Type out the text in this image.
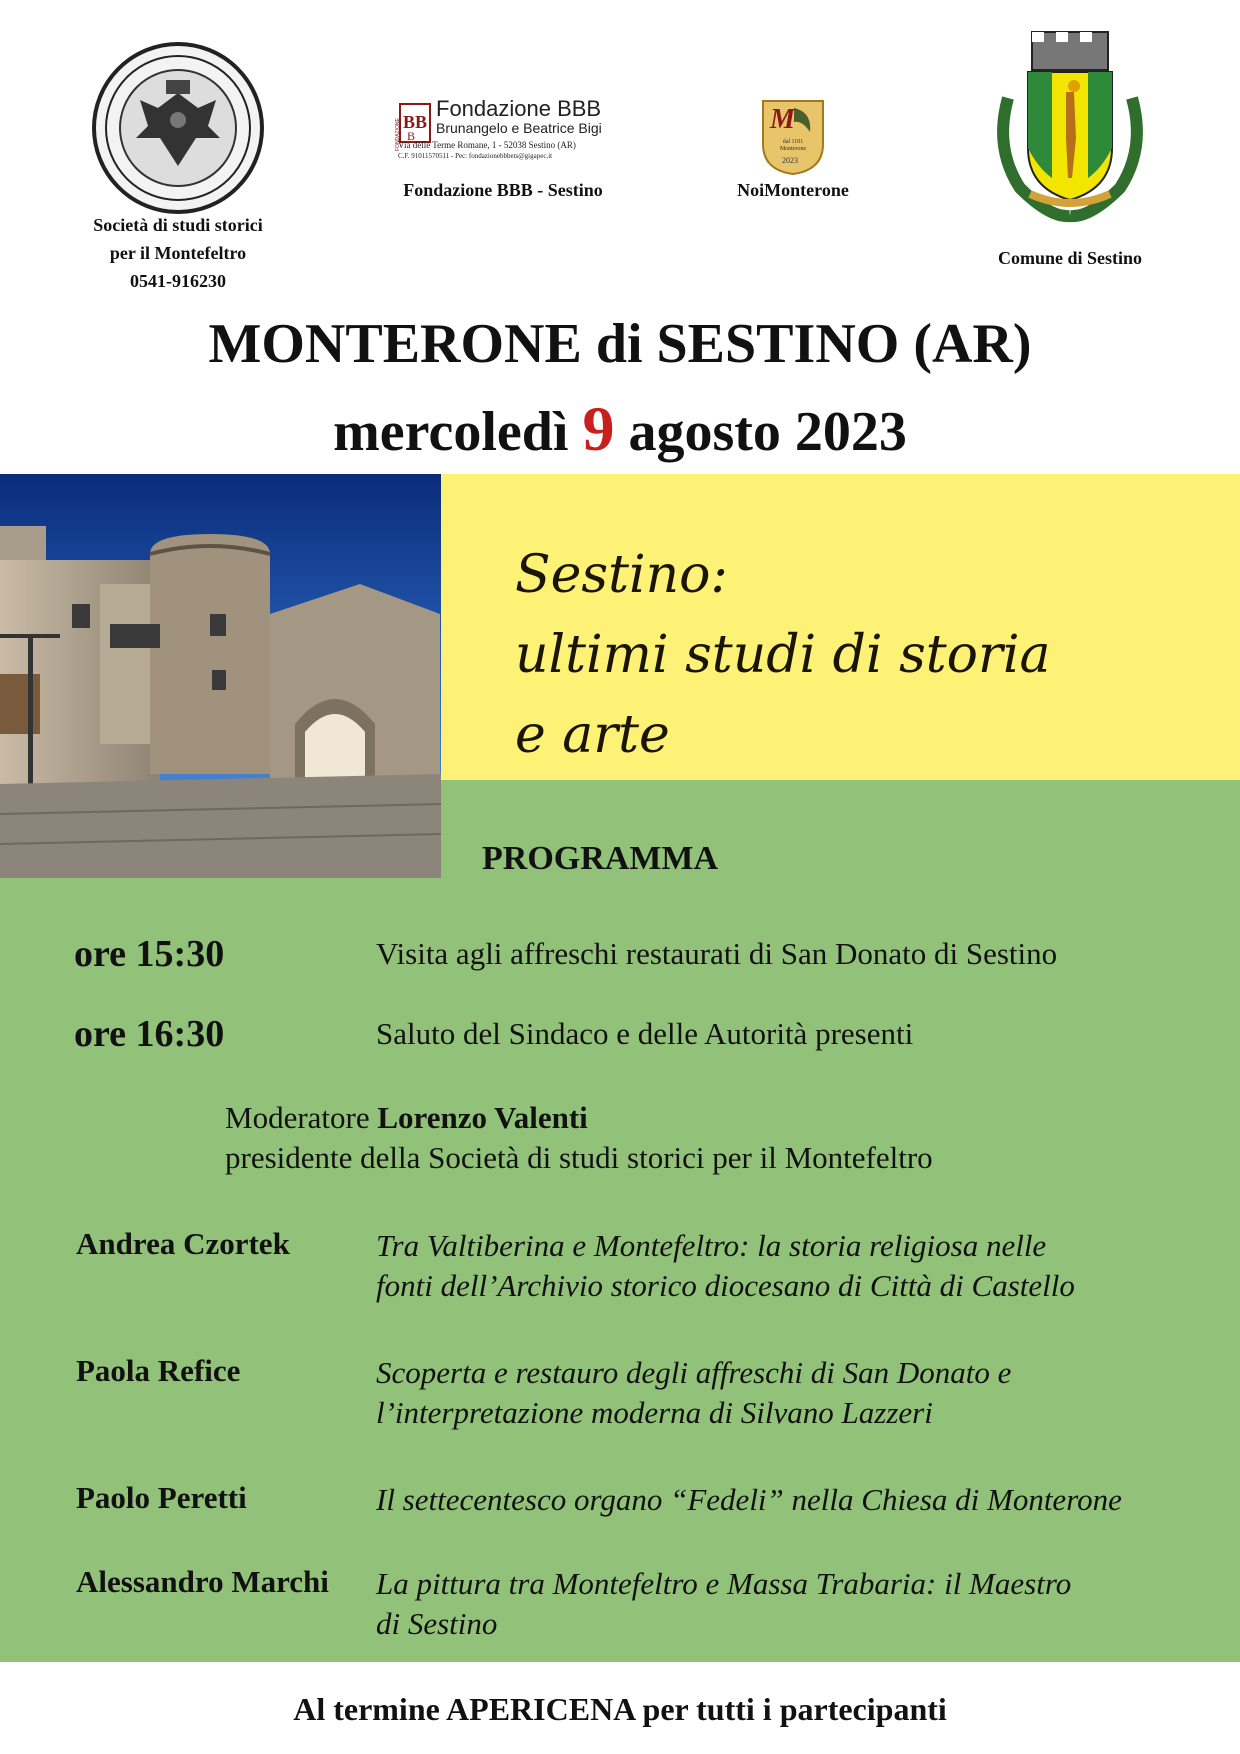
Società di studi storici
per il Montefeltro
0541-916230
BB
B
FONDAZIONE
Fondazione BBB
Brunangelo e Beatrice Bigi
Via delle Terme Romane, 1 - 52038 Sestino (AR)
C.F. 91011570511 - Pec: fondazionebbbets@gigapec.it
Fondazione BBB - Sestino
M
dal 1101 Monterone
2023
NoiMonterone
Comune di Sestino
MONTERONE di SESTINO (AR)
mercoledì 9 agosto 2023
Sestino:
ultimi studi di storia
e arte
PROGRAMMA
ore 15:30	Visita agli affreschi restaurati di San Donato di Sestino
ore 16:30	Saluto del Sindaco e delle Autorità presenti
Moderatore Lorenzo Valenti
presidente della Società di studi storici per il Montefeltro
Andrea Czortek	Tra Valtiberina e Montefeltro: la storia religiosa nelle
fonti dell’Archivio storico diocesano di Città di Castello
Paola Refice	Scoperta e restauro degli affreschi di San Donato e
l’interpretazione moderna di Silvano Lazzeri
Paolo Peretti	Il settecentesco organo “Fedeli” nella Chiesa di Monterone
Alessandro Marchi La pittura tra Montefeltro e Massa Trabaria: il Maestro
di Sestino
Al termine APERICENA per tutti i partecipanti
